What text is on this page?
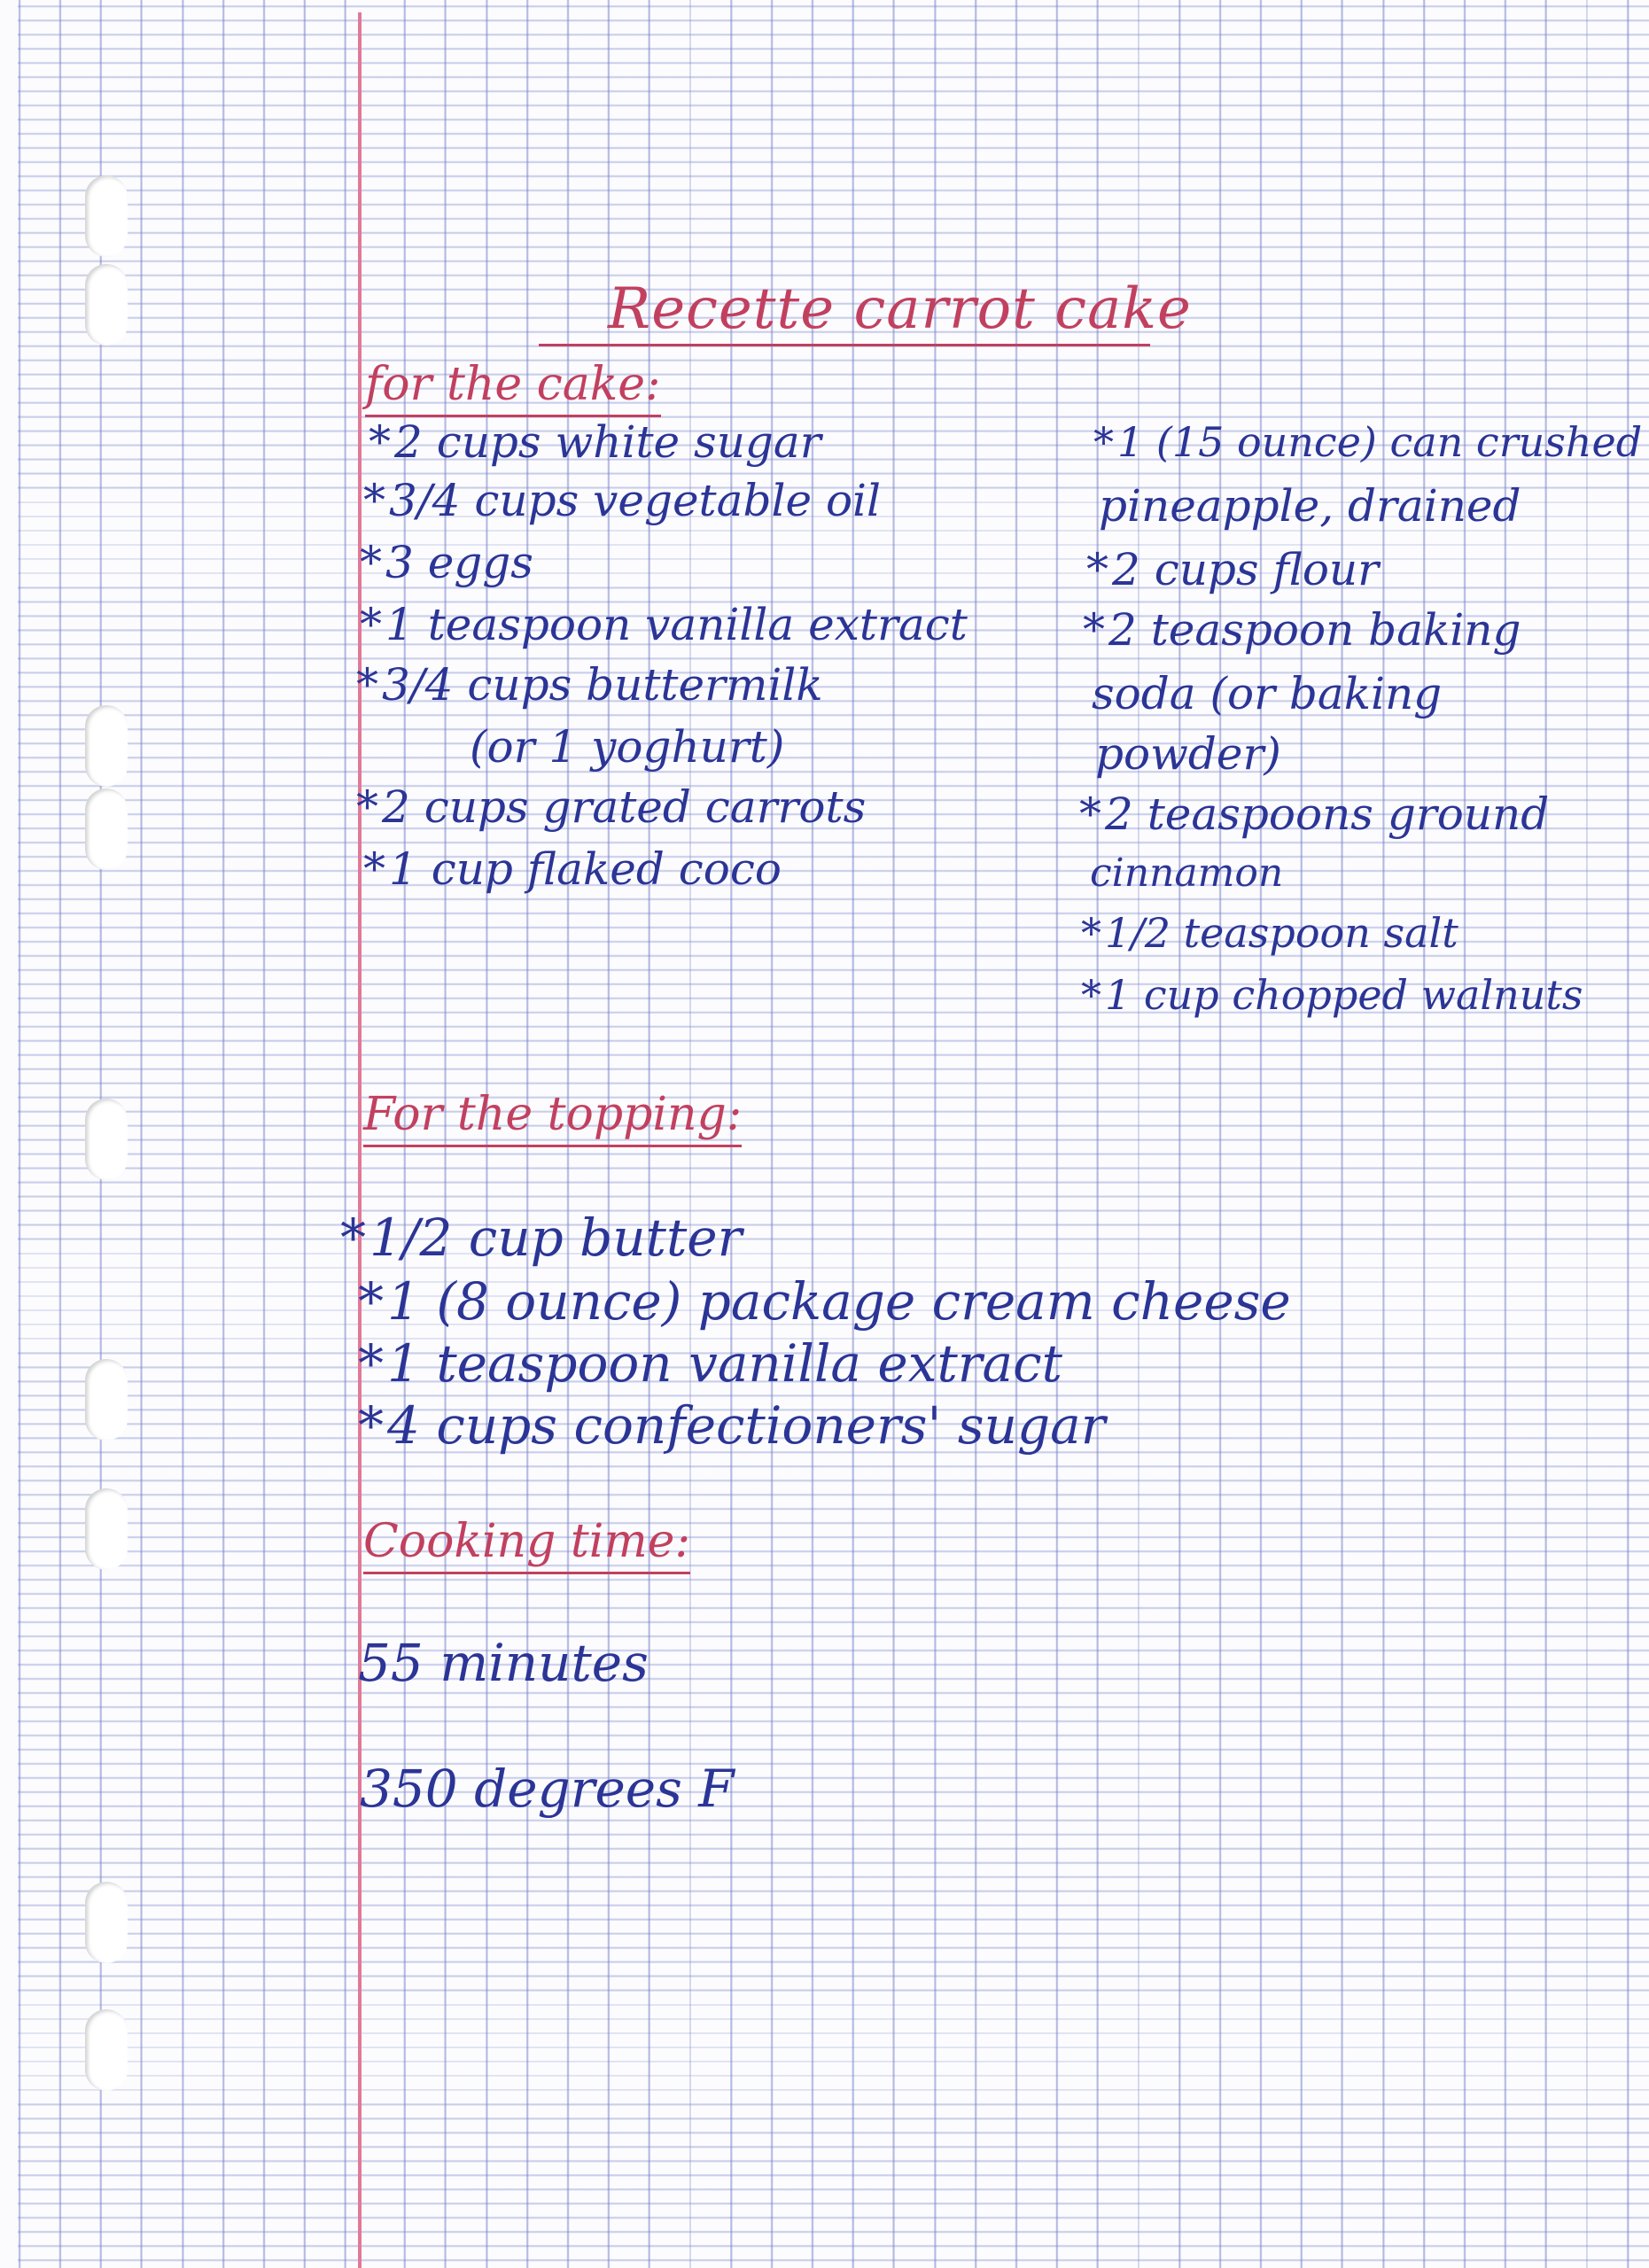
Recette carrot cake
for the cake:
*2 cups white sugar
*3/4 cups vegetable oil
*3 eggs
*1 teaspoon vanilla extract
*3/4 cups buttermilk
(or 1 yoghurt)
*2 cups grated carrots
*1 cup flaked coco
*1 (15 ounce) can crushed
pineapple, drained
*2 cups flour
*2 teaspoon baking
soda (or baking
powder)
*2 teaspoons ground
cinnamon
*1/2 teaspoon salt
*1 cup chopped walnuts
For the topping:
*1/2 cup butter
*1 (8 ounce) package cream cheese
*1 teaspoon vanilla extract
*4 cups confectioners' sugar
Cooking time:
55 minutes
350 degrees F
